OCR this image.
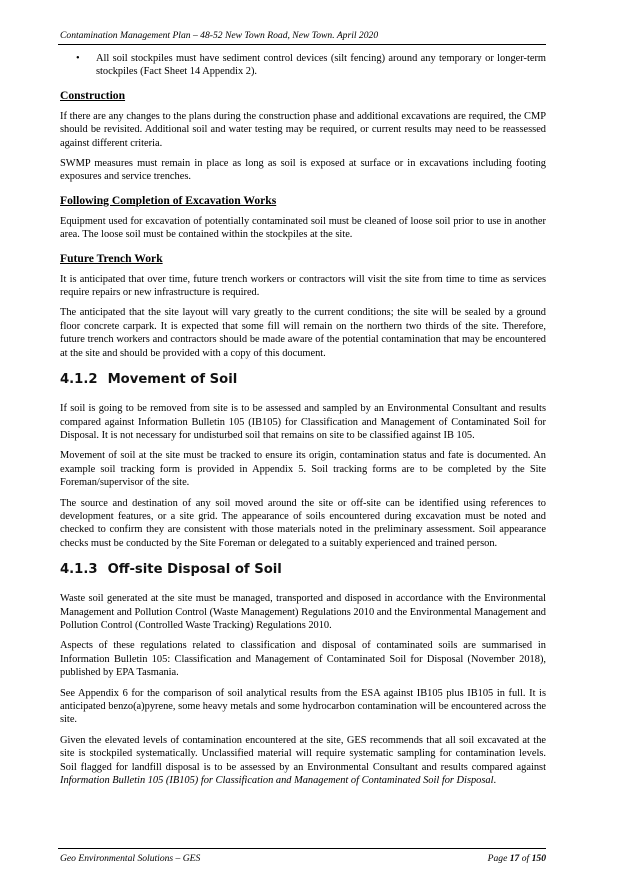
Contamination Management Plan – 48-52 New Town Road, New Town. April 2020
• All soil stockpiles must have sediment control devices (silt fencing) around any temporary or longer-term stockpiles (Fact Sheet 14 Appendix 2).
Construction

If there are any changes to the plans during the construction phase and additional excavations are required, the CMP should be revisited. Additional soil and water testing may be required, or current results may need to be reassessed against different criteria.

SWMP measures must remain in place as long as soil is exposed at surface or in excavations including footing exposures and service trenches.

Following Completion of Excavation Works

Equipment used for excavation of potentially contaminated soil must be cleaned of loose soil prior to use in another area. The loose soil must be contained within the stockpiles at the site.

Future Trench Work

It is anticipated that over time, future trench workers or contractors will visit the site from time to time as services require repairs or new infrastructure is required.

The anticipated that the site layout will vary greatly to the current conditions; the site will be sealed by a ground floor concrete carpark. It is expected that some fill will remain on the northern two thirds of the site. Therefore, future trench workers and contractors should be made aware of the potential contamination that may be encountered at the site and should be provided with a copy of this document.

4.1.2 Movement of Soil

If soil is going to be removed from site is to be assessed and sampled by an Environmental Consultant and results compared against Information Bulletin 105 (IB105) for Classification and Management of Contaminated Soil for Disposal. It is not necessary for undisturbed soil that remains on site to be classified against IB 105.

Movement of soil at the site must be tracked to ensure its origin, contamination status and fate is documented. An example soil tracking form is provided in Appendix 5. Soil tracking forms are to be completed by the Site Foreman/supervisor of the site.

The source and destination of any soil moved around the site or off-site can be identified using references to development features, or a site grid. The appearance of soils encountered during excavation must be noted and checked to confirm they are consistent with those materials noted in the preliminary assessment. Soil appearance checks must be conducted by the Site Foreman or delegated to a suitably experienced and trained person.

4.1.3 Off-site Disposal of Soil

Waste soil generated at the site must be managed, transported and disposed in accordance with the Environmental Management and Pollution Control (Waste Management) Regulations 2010 and the Environmental Management and Pollution Control (Controlled Waste Tracking) Regulations 2010.

Aspects of these regulations related to classification and disposal of contaminated soils are summarised in Information Bulletin 105: Classification and Management of Contaminated Soil for Disposal (November 2018), published by EPA Tasmania.

See Appendix 6 for the comparison of soil analytical results from the ESA against IB105 plus IB105 in full. It is anticipated benzo(a)pyrene, some heavy metals and some hydrocarbon contamination will be encountered across the site.

Given the elevated levels of contamination encountered at the site, GES recommends that all soil excavated at the site is stockpiled systematically. Unclassified material will require systematic sampling for contamination levels. Soil flagged for landfill disposal is to be assessed by an Environmental Consultant and results compared against Information Bulletin 105 (IB105) for Classification and Management of Contaminated Soil for Disposal.

Geo Environmental Solutions – GES	Page 17 of 150
